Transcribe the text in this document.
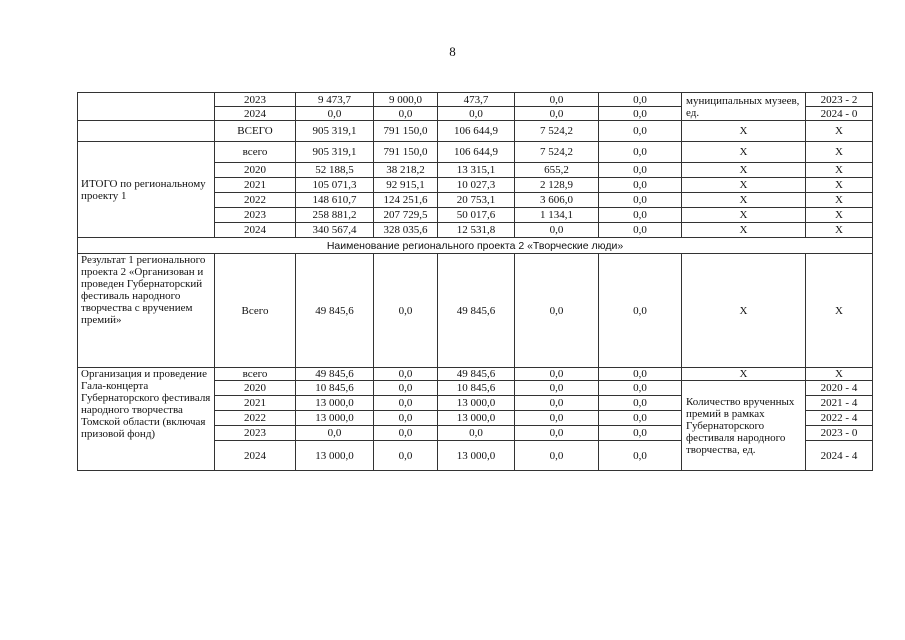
8
	2023	9 473,7	9 000,0	473,7	0,0	0,0	муниципальных музеев, ед.	2023 - 2
	2024	0,0	0,0	0,0	0,0	0,0		2024 - 0
	ВСЕГО	905 319,1	791 150,0	106 644,9	7 524,2	0,0	Х	Х
ИТОГО по региональному проекту 1	всего	905 319,1	791 150,0	106 644,9	7 524,2	0,0	Х	Х
	2020	52 188,5	38 218,2	13 315,1	655,2	0,0	Х	Х
	2021	105 071,3	92 915,1	10 027,3	2 128,9	0,0	Х	Х
	2022	148 610,7	124 251,6	20 753,1	3 606,0	0,0	Х	Х
	2023	258 881,2	207 729,5	50 017,6	1 134,1	0,0	Х	Х
	2024	340 567,4	328 035,6	12 531,8	0,0	0,0	Х	Х
Наименование регионального проекта 2 «Творческие люди»								
Результат 1 регионального проекта 2 «Организован и проведен Губернаторский фестиваль народного творчества с вручением премий»	Всего	49 845,6	0,0	49 845,6	0,0	0,0	Х	Х
Организация и проведение Гала-концерта Губернаторского фестиваля народного творчества Томской области (включая призовой фонд)	всего	49 845,6	0,0	49 845,6	0,0	0,0	Х	Х
	2020	10 845,6	0,0	10 845,6	0,0	0,0	Количество врученных премий в рамках Губернаторского фестиваля народного творчества, ед.	2020 - 4
	2021	13 000,0	0,0	13 000,0	0,0	0,0		2021 - 4
	2022	13 000,0	0,0	13 000,0	0,0	0,0		2022 - 4
	2023	0,0	0,0	0,0	0,0	0,0		2023 - 0
	2024	13 000,0	0,0	13 000,0	0,0	0,0		2024 - 4
